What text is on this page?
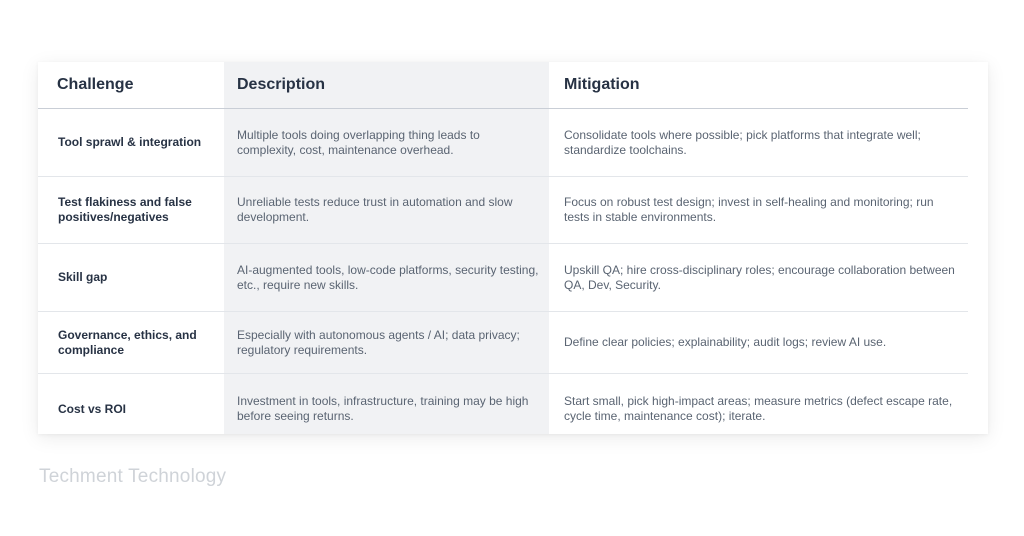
Challenge	Description	Mitigation
Tool sprawl & integration	Multiple tools doing overlapping thing leads to complexity, cost, maintenance overhead.	Consolidate tools where possible; pick platforms that integrate well; standardize toolchains.
Test flakiness and false positives/negatives	Unreliable tests reduce trust in automation and slow development.	Focus on robust test design; invest in self-healing and monitoring; run tests in stable environments.
Skill gap	AI-augmented tools, low-code platforms, security testing, etc., require new skills.	Upskill QA; hire cross-disciplinary roles; encourage collaboration between QA, Dev, Security.
Governance, ethics, and compliance	Especially with autonomous agents / AI; data privacy; regulatory requirements.	Define clear policies; explainability; audit logs; review AI use.
Cost vs ROI	Investment in tools, infrastructure, training may be high before seeing returns.	Start small, pick high-impact areas; measure metrics (defect escape rate, cycle time, maintenance cost); iterate.
Techment Technology
